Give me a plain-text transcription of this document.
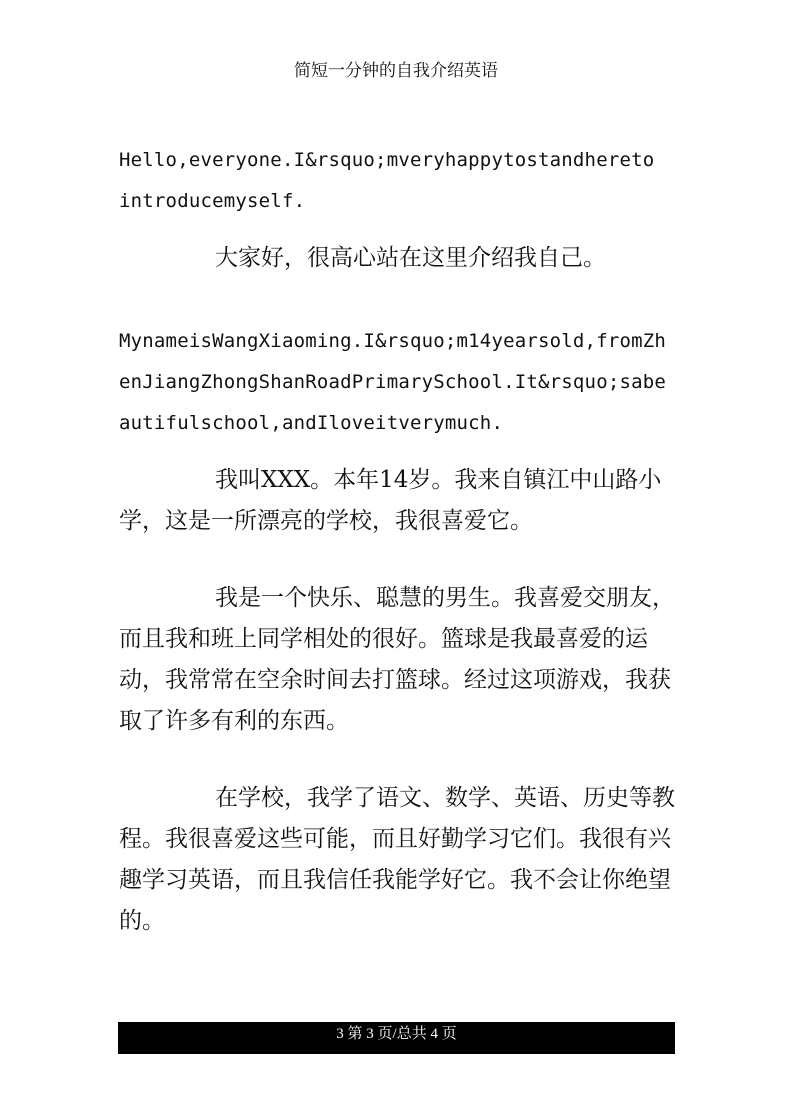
简短一分钟的自我介绍英语

Hello,everyone.I&rsquo;mveryhappytostandhereto introducemyself.

大家好，很高心站在这里介绍我自己。

MynameisWangXiaoming.I&rsquo;m14yearsold,fromZhenJiangZhongShanRoadPrimarySchool.It&rsquo;sabeautifulschool,andIloveitverymuch.

我叫XXX。本年14岁。我来自镇江中山路小学，这是一所漂亮的学校，我很喜爱它。

我是一个快乐、聪慧的男生。我喜爱交朋友，而且我和班上同学相处的很好。篮球是我最喜爱的运动，我常常在空余时间去打篮球。经过这项游戏，我获取了许多有利的东西。

在学校，我学了语文、数学、英语、历史等教程。我很喜爱这些可能，而且好勤学习它们。我很有兴趣学习英语，而且我信任我能学好它。我不会让你绝望的。

3 第 3 页/总共 4 页
